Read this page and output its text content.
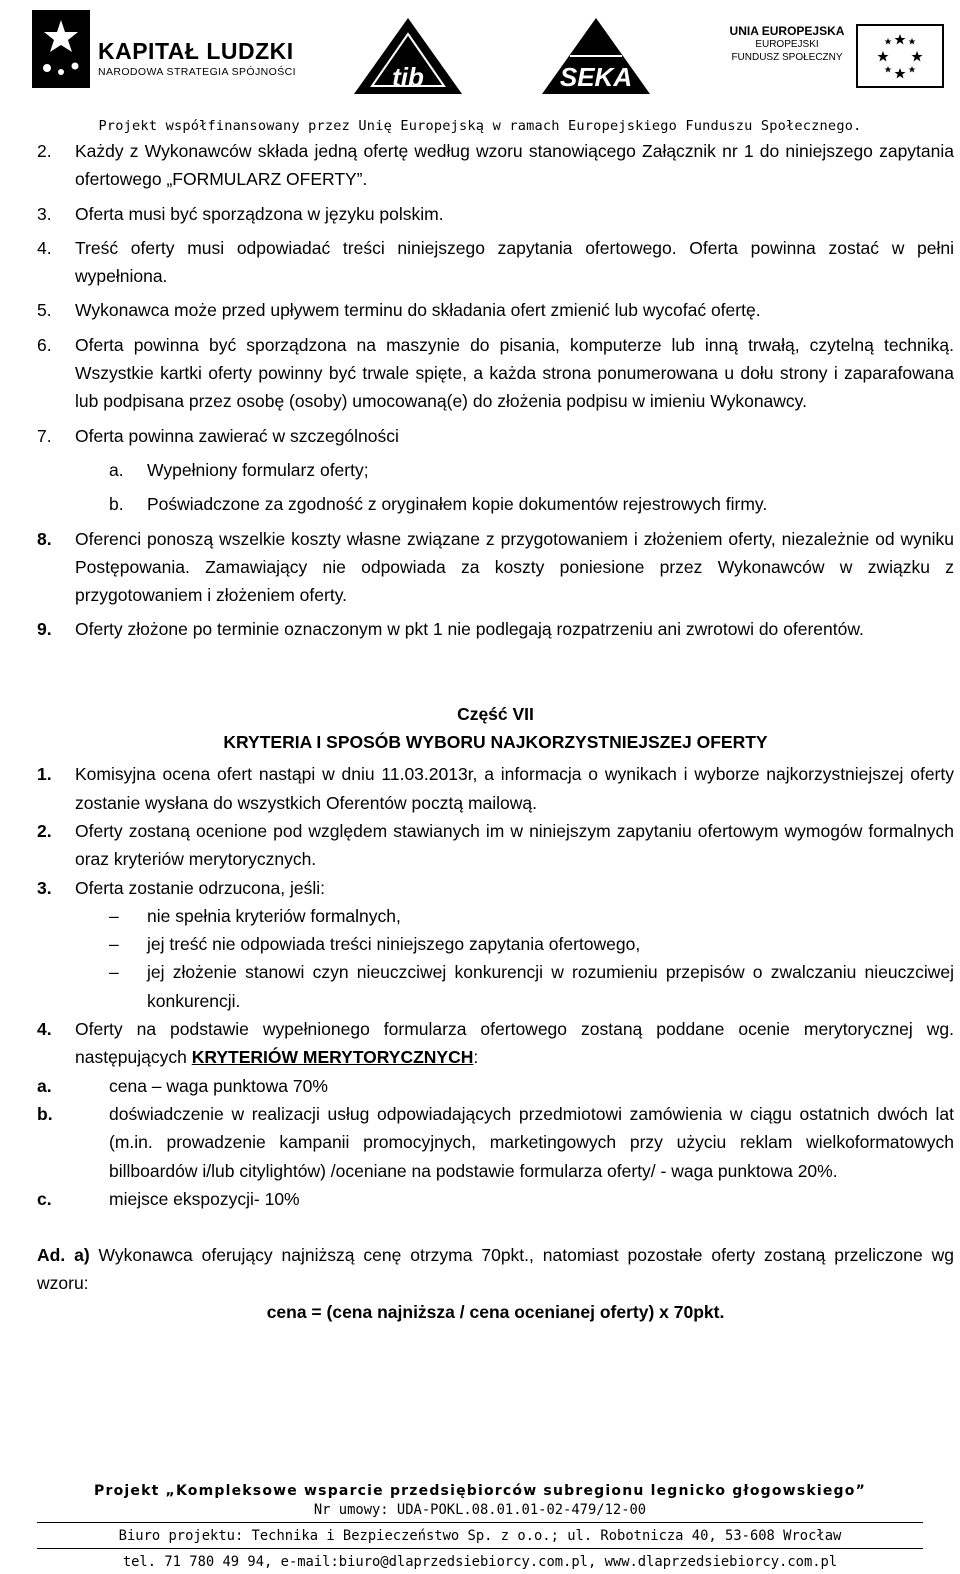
KAPITAŁ LUDZKI
NARODOWA STRATEGIA SPÓJNOŚCI	tib	SEKA
UNIA EUROPEJSKA
EUROPEJSKI
FUNDUSZ SPOŁECZNY
Projekt współfinansowany przez Unię Europejską w ramach Europejskiego Funduszu Społecznego.
2. Każdy z Wykonawców składa jedną ofertę według wzoru stanowiącego Załącznik nr 1 do niniejszego zapytania ofertowego „FORMULARZ OFERTY”.
3. Oferta musi być sporządzona w języku polskim.
4. Treść oferty musi odpowiadać treści niniejszego zapytania ofertowego. Oferta powinna zostać w pełni wypełniona.
5. Wykonawca może przed upływem terminu do składania ofert zmienić lub wycofać ofertę.
6. Oferta powinna być sporządzona na maszynie do pisania, komputerze lub inną trwałą, czytelną techniką. Wszystkie kartki oferty powinny być trwale spięte, a każda strona ponumerowana u dołu strony i zaparafowana lub podpisana przez osobę (osoby) umocowaną(e) do złożenia podpisu w imieniu Wykonawcy.
7. Oferta powinna zawierać w szczególności
a. Wypełniony formularz oferty;
b. Poświadczone za zgodność z oryginałem kopie dokumentów rejestrowych firmy.
8. Oferenci ponoszą wszelkie koszty własne związane z przygotowaniem i złożeniem oferty, niezależnie od wyniku Postępowania. Zamawiający nie odpowiada za koszty poniesione przez Wykonawców w związku z przygotowaniem i złożeniem oferty.
9. Oferty złożone po terminie oznaczonym w pkt 1 nie podlegają rozpatrzeniu ani zwrotowi do oferentów.
Część VII
KRYTERIA I SPOSÓB WYBORU NAJKORZYSTNIEJSZEJ OFERTY
1. Komisyjna ocena ofert nastąpi w dniu 11.03.2013r, a informacja o wynikach i wyborze najkorzystniejszej oferty zostanie wysłana do wszystkich Oferentów pocztą mailową.
2. Oferty zostaną ocenione pod względem stawianych im w niniejszym zapytaniu ofertowym wymogów formalnych oraz kryteriów merytorycznych.
3. Oferta zostanie odrzucona, jeśli:
– nie spełnia kryteriów formalnych,
– jej treść nie odpowiada treści niniejszego zapytania ofertowego,
– jej złożenie stanowi czyn nieuczciwej konkurencji w rozumieniu przepisów o zwalczaniu nieuczciwej konkurencji.
4. Oferty na podstawie wypełnionego formularza ofertowego zostaną poddane ocenie merytorycznej wg. następujących KRYTERIÓW MERYTORYCZNYCH:
a.	cena – waga punktowa 70%
b.	doświadczenie w realizacji usług odpowiadających przedmiotowi zamówienia w ciągu ostatnich dwóch lat (m.in. prowadzenie kampanii promocyjnych, marketingowych przy użyciu reklam wielkoformatowych billboardów i/lub citylightów) /oceniane na podstawie formularza oferty/ - waga punktowa 20%.
c.	miejsce ekspozycji- 10%
Ad. a) Wykonawca oferujący najniższą cenę otrzyma 70pkt., natomiast pozostałe oferty zostaną przeliczone wg wzoru:
cena = (cena najniższa / cena ocenianej oferty) x 70pkt.
Projekt „Kompleksowe wsparcie przedsiębiorców subregionu legnicko głogowskiego”
Nr umowy: UDA-POKL.08.01.01-02-479/12-00
Biuro projektu: Technika i Bezpieczeństwo Sp. z o.o.; ul. Robotnicza 40, 53-608 Wrocław
tel. 71 780 49 94, e-mail:biuro@dlaprzedsiebiorcy.com.pl, www.dlaprzedsiebiorcy.com.pl
